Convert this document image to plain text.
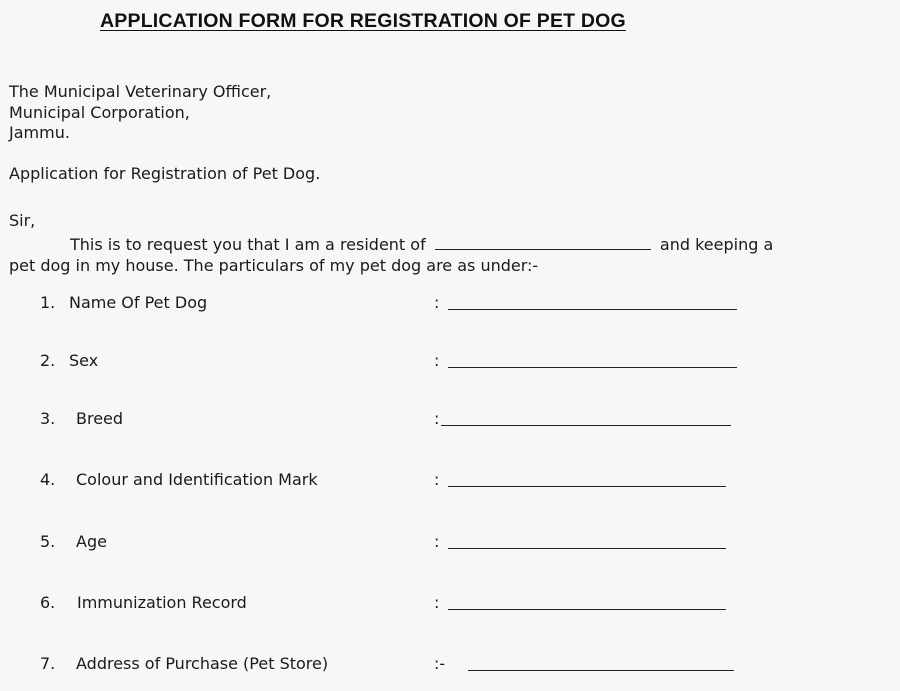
APPLICATION FORM FOR REGISTRATION OF PET DOG
The Municipal Veterinary Officer,
Municipal Corporation,
Jammu.
Application for Registration of Pet Dog.
Sir,
This is to request you that I am a resident of	and keeping a
pet dog in my house. The particulars of my pet dog are as under:-
1. Name Of Pet Dog	:
2. Sex	:
3. Breed	:
4. Colour and Identification Mark	:
5. Age	:
6. Immunization Record	:
7. Address of Purchase (Pet Store)	:-
